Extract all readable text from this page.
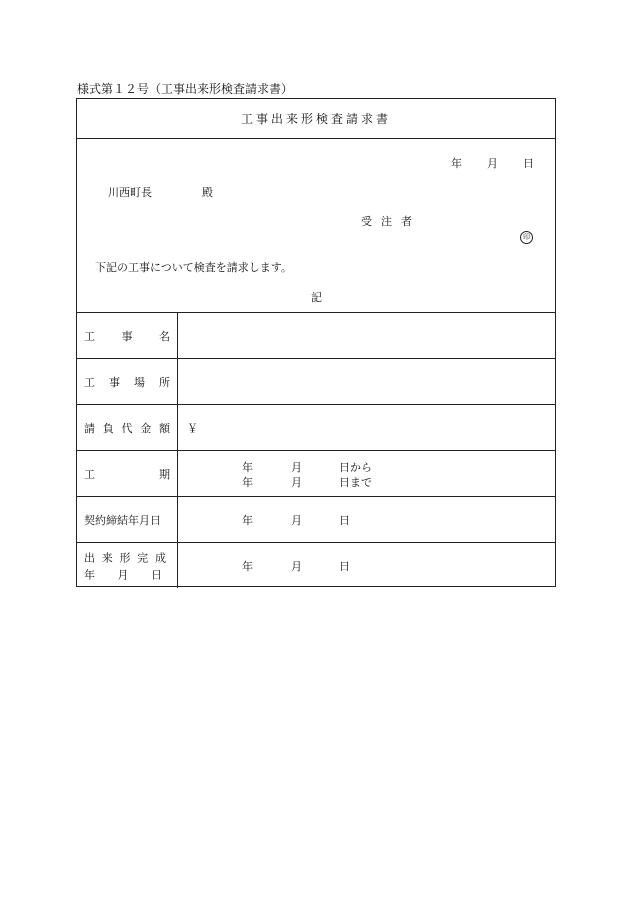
様式第１２号（工事出来形検査請求書）
工事出来形検査請求書
年 月 日
川西町長	殿
受注者
印
下記の工事について検査を請求します。
記
工 事 名
工 事 場 所
請 負 代 金 額 ￥
工	期	年	月	日から
年	月	日まで
契約締結年月日	年	月	日
出 来 形 完 成
年 月 日
年	月	日
